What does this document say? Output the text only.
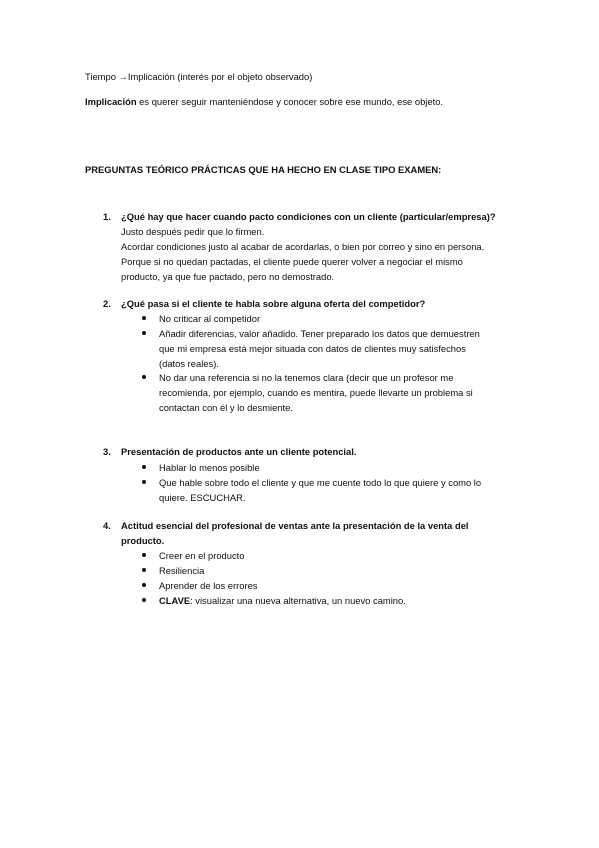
Tiempo →Implicación (interés por el objeto observado)
Implicación es querer seguir manteniéndose y conocer sobre ese mundo, ese objeto.
PREGUNTAS TEÓRICO PRÁCTICAS QUE HA HECHO EN CLASE TIPO EXAMEN:
1. ¿Qué hay que hacer cuando pacto condiciones con un cliente (particular/empresa)?
Justo después pedir que lo firmen.
Acordar condiciones justo al acabar de acordarlas, o bien por correo y sino en persona.
Porque si no quedan pactadas, el cliente puede querer volver a negociar el mismo
producto, ya que fue pactado, pero no demostrado.
2. ¿Qué pasa si el cliente te habla sobre alguna oferta del competidor?
No criticar al competidor
Añadir diferencias, valor añadido. Tener preparado los datos que demuestren
que mi empresa está mejor situada con datos de clientes muy satisfechos
(datos reales).
No dar una referencia si no la tenemos clara (decir que un profesor me
recomienda, por ejemplo, cuando es mentira, puede llevarte un problema si
contactan con él y lo desmiente.
3. Presentación de productos ante un cliente potencial.
Hablar lo menos posible
Que hable sobre todo el cliente y que me cuente todo lo que quiere y como lo
quiere. ESCUCHAR.
4. Actitud esencial del profesional de ventas ante la presentación de la venta del
producto.
Creer en el producto
Resiliencia
Aprender de los errores
CLAVE: visualizar una nueva alternativa, un nuevo camino.
